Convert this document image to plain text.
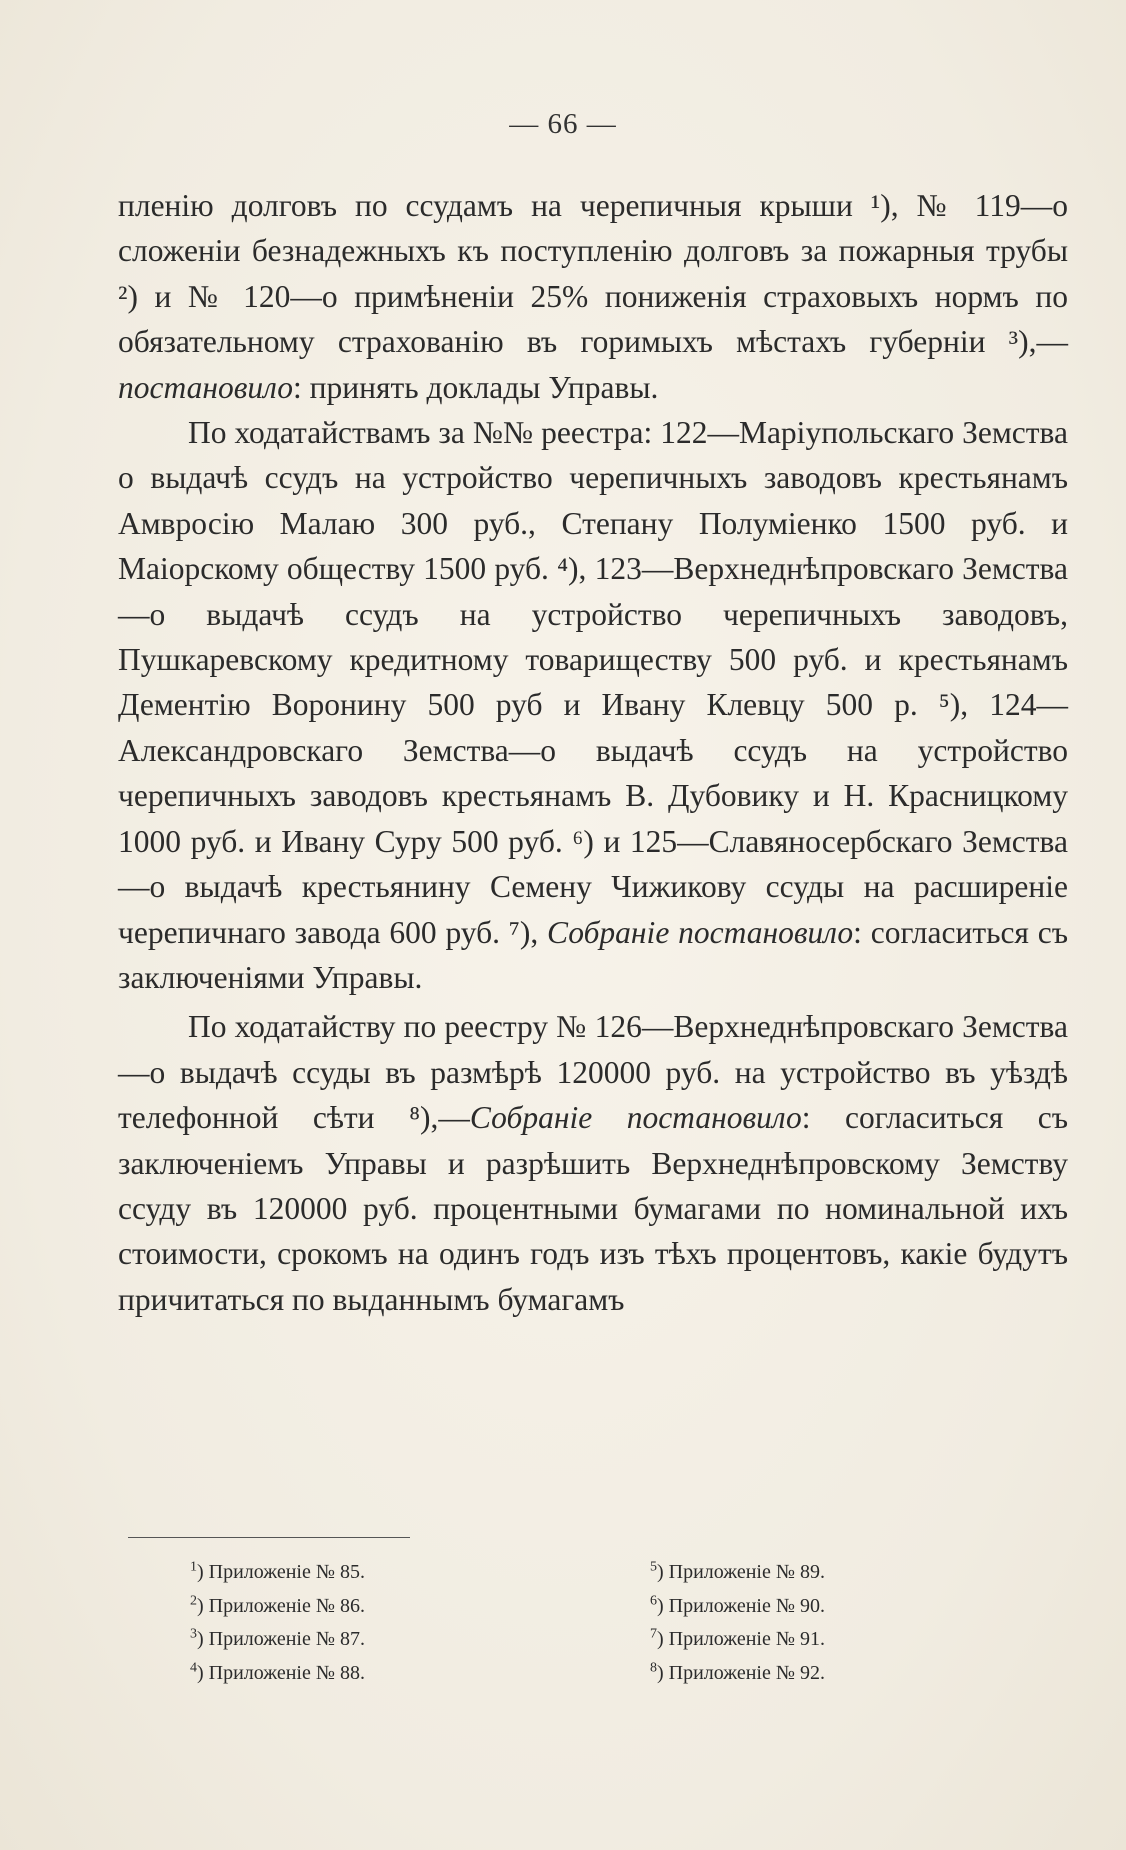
— 66 —

пленію долговъ по ссудамъ на черепичныя крыши ¹), № 119—о сложеніи безнадежныхъ къ поступленію долговъ за пожарныя трубы ²) и № 120—о примѣненіи 25% пониженія страховыхъ нормъ по обязательному страхованію въ горимыхъ мѣстахъ губерніи ³),—постановило: принять доклады Управы.

По ходатайствамъ за №№ реестра: 122—Маріупольскаго Земства о выдачѣ ссудъ на устройство черепичныхъ заводовъ крестьянамъ Амвросію Малаю 300 руб., Степану Полуміенко 1500 руб. и Маіорскому обществу 1500 руб. ⁴), 123—Верхнеднѣпровскаго Земства—о выдачѣ ссудъ на устройство черепичныхъ заводовъ, Пушкаревскому кредитному товариществу 500 руб. и крестьянамъ Дементію Воронину 500 руб и Ивану Клевцу 500 р. ⁵), 124—Александровскаго Земства—о выдачѣ ссудъ на устройство черепичныхъ заводовъ крестьянамъ В. Дубовику и Н. Красницкому 1000 руб. и Ивану Суру 500 руб. ⁶) и 125—Славяносербскаго Земства—о выдачѣ крестьянину Семену Чижикову ссуды на расширеніе черепичнаго завода 600 руб. ⁷), Собраніе постановило: согласиться съ заключеніями Управы.

По ходатайству по реестру № 126—Верхнеднѣпровскаго Земства—о выдачѣ ссуды въ размѣрѣ 120000 руб. на устройство въ уѣздѣ телефонной сѣти ⁸),—Собраніе постановило: согласиться съ заключеніемъ Управы и разрѣшить Верхнеднѣпровскому Земству ссуду въ 120000 руб. процентными бумагами по номинальной ихъ стоимости, срокомъ на одинъ годъ изъ тѣхъ процентовъ, какіе будутъ причитаться по выданнымъ бумагамъ

$^1$) Приложеніе № 85.
$^2$) Приложеніе № 86.
$^3$) Приложеніе № 87.
$^4$) Приложеніе № 88.
$^5$) Приложеніе № 89.
$^6$) Приложеніе № 90.
$^7$) Приложеніе № 91.
$^8$) Приложеніе № 92.
